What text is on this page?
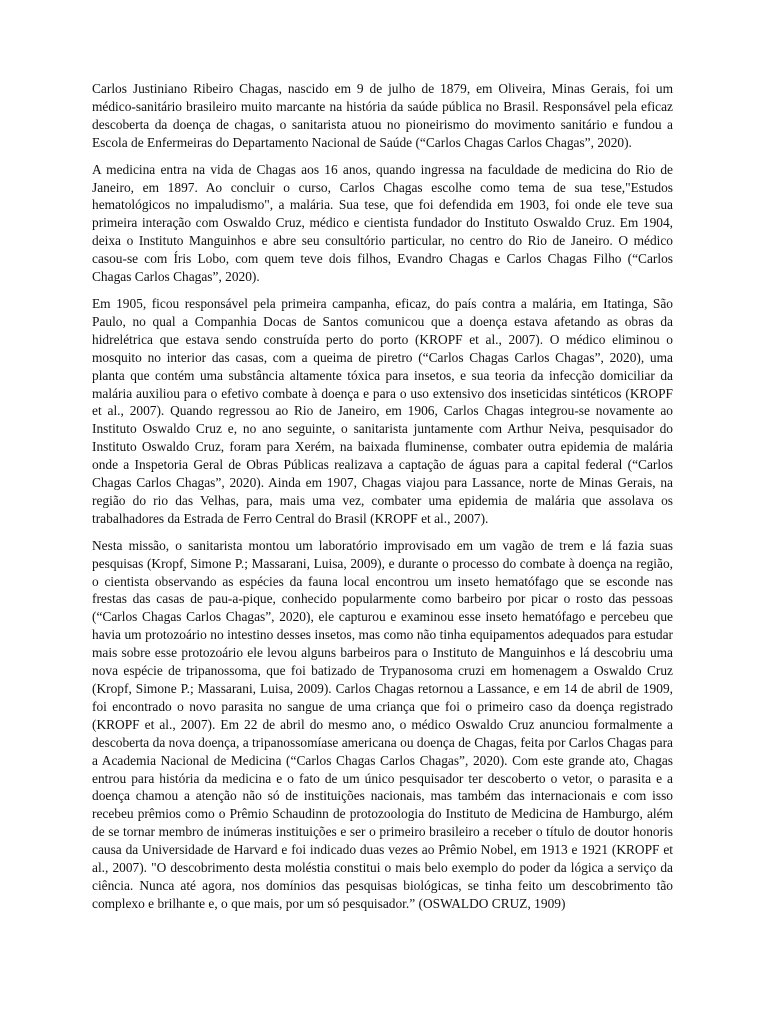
Carlos Justiniano Ribeiro Chagas, nascido em 9 de julho de 1879, em Oliveira, Minas Gerais, foi um médico-sanitário brasileiro muito marcante na história da saúde pública no Brasil. Responsável pela eficaz descoberta da doença de chagas, o sanitarista atuou no pioneirismo do movimento sanitário e fundou a Escola de Enfermeiras do Departamento Nacional de Saúde (“Carlos Chagas Carlos Chagas”, 2020).

A medicina entra na vida de Chagas aos 16 anos, quando ingressa na faculdade de medicina do Rio de Janeiro, em 1897. Ao concluir o curso, Carlos Chagas escolhe como tema de sua tese,"Estudos hematológicos no impaludismo", a malária. Sua tese, que foi defendida em 1903, foi onde ele teve sua primeira interação com Oswaldo Cruz, médico e cientista fundador do Instituto Oswaldo Cruz. Em 1904, deixa o Instituto Manguinhos e abre seu consultório particular, no centro do Rio de Janeiro. O médico casou-se com Íris Lobo, com quem teve dois filhos, Evandro Chagas e Carlos Chagas Filho (“Carlos Chagas Carlos Chagas”, 2020).

Em 1905, ficou responsável pela primeira campanha, eficaz, do país contra a malária, em Itatinga, São Paulo, no qual a Companhia Docas de Santos comunicou que a doença estava afetando as obras da hidrelétrica que estava sendo construída perto do porto (KROPF et al., 2007). O médico eliminou o mosquito no interior das casas, com a queima de piretro (“Carlos Chagas Carlos Chagas”, 2020), uma planta que contém uma substância altamente tóxica para insetos, e sua teoria da infecção domiciliar da malária auxiliou para o efetivo combate à doença e para o uso extensivo dos inseticidas sintéticos (KROPF et al., 2007). Quando regressou ao Rio de Janeiro, em 1906, Carlos Chagas integrou-se novamente ao Instituto Oswaldo Cruz e, no ano seguinte, o sanitarista juntamente com Arthur Neiva, pesquisador do Instituto Oswaldo Cruz, foram para Xerém, na baixada fluminense, combater outra epidemia de malária onde a Inspetoria Geral de Obras Públicas realizava a captação de águas para a capital federal (“Carlos Chagas Carlos Chagas”, 2020). Ainda em 1907, Chagas viajou para Lassance, norte de Minas Gerais, na região do rio das Velhas, para, mais uma vez, combater uma epidemia de malária que assolava os trabalhadores da Estrada de Ferro Central do Brasil (KROPF et al., 2007).

Nesta missão, o sanitarista montou um laboratório improvisado em um vagão de trem e lá fazia suas pesquisas (Kropf, Simone P.; Massarani, Luisa, 2009), e durante o processo do combate à doença na região, o cientista observando as espécies da fauna local encontrou um inseto hematófago que se esconde nas frestas das casas de pau-a-pique, conhecido popularmente como barbeiro por picar o rosto das pessoas (“Carlos Chagas Carlos Chagas”, 2020), ele capturou e examinou esse inseto hematófago e percebeu que havia um protozoário no intestino desses insetos, mas como não tinha equipamentos adequados para estudar mais sobre esse protozoário ele levou alguns barbeiros para o Instituto de Manguinhos e lá descobriu uma nova espécie de tripanossoma, que foi batizado de Trypanosoma cruzi em homenagem a Oswaldo Cruz (Kropf, Simone P.; Massarani, Luisa, 2009). Carlos Chagas retornou a Lassance, e em 14 de abril de 1909, foi encontrado o novo parasita no sangue de uma criança que foi o primeiro caso da doença registrado (KROPF et al., 2007). Em 22 de abril do mesmo ano, o médico Oswaldo Cruz anunciou formalmente a descoberta da nova doença, a tripanossomíase americana ou doença de Chagas, feita por Carlos Chagas para a Academia Nacional de Medicina (“Carlos Chagas Carlos Chagas”, 2020). Com este grande ato, Chagas entrou para história da medicina e o fato de um único pesquisador ter descoberto o vetor, o parasita e a doença chamou a atenção não só de instituições nacionais, mas também das internacionais e com isso recebeu prêmios como o Prêmio Schaudinn de protozoologia do Instituto de Medicina de Hamburgo, além de se tornar membro de inúmeras instituições e ser o primeiro brasileiro a receber o título de doutor honoris causa da Universidade de Harvard e foi indicado duas vezes ao Prêmio Nobel, em 1913 e 1921 (KROPF et al., 2007). "O descobrimento desta moléstia constitui o mais belo exemplo do poder da lógica a serviço da ciência. Nunca até agora, nos domínios das pesquisas biológicas, se tinha feito um descobrimento tão complexo e brilhante e, o que mais, por um só pesquisador.” (OSWALDO CRUZ, 1909)
